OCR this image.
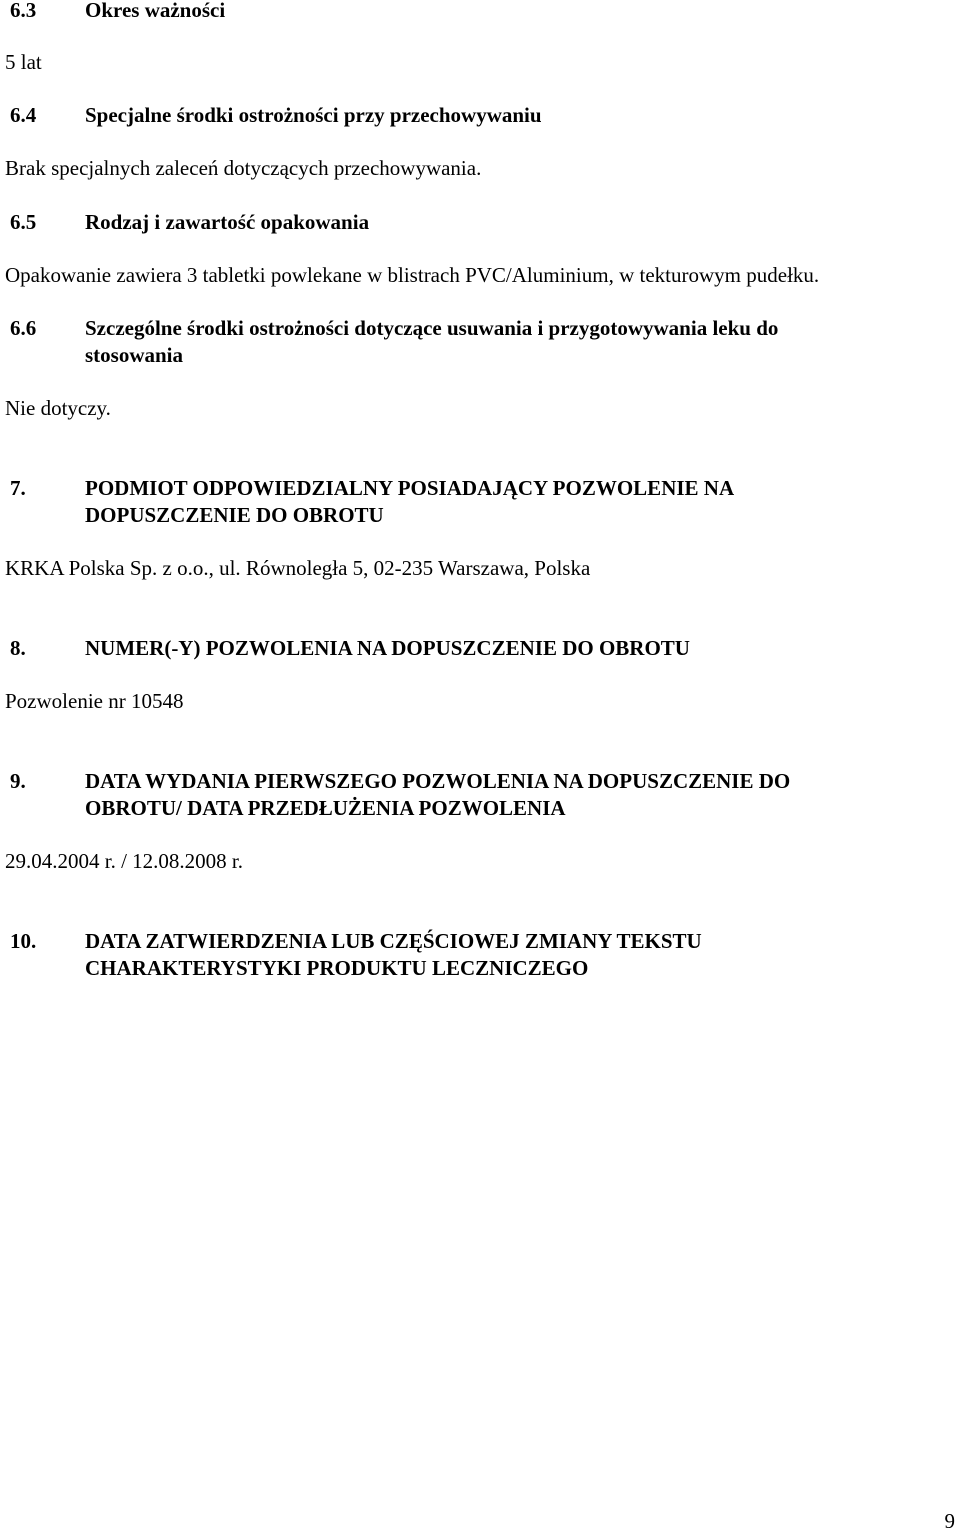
6.3 Okres ważności
5 lat
6.4 Specjalne środki ostrożności przy przechowywaniu
Brak specjalnych zaleceń dotyczących przechowywania.
6.5 Rodzaj i zawartość opakowania
Opakowanie zawiera 3 tabletki powlekane w blistrach PVC/Aluminium, w tekturowym pudełku.
6.6 Szczególne środki ostrożności dotyczące usuwania i przygotowywania leku do
stosowania
Nie dotyczy.
7.	PODMIOT ODPOWIEDZIALNY POSIADAJĄCY POZWOLENIE NA
DOPUSZCZENIE DO OBROTU
KRKA Polska Sp. z o.o., ul. Równoległa 5, 02-235 Warszawa, Polska
8.	NUMER(-Y) POZWOLENIA NA DOPUSZCZENIE DO OBROTU
Pozwolenie nr 10548
9.	DATA WYDANIA PIERWSZEGO POZWOLENIA NA DOPUSZCZENIE DO
OBROTU/ DATA PRZEDŁUŻENIA POZWOLENIA
29.04.2004 r. / 12.08.2008 r.
10. DATA ZATWIERDZENIA LUB CZĘŚCIOWEJ ZMIANY TEKSTU
CHARAKTERYSTYKI PRODUKTU LECZNICZEGO
9
